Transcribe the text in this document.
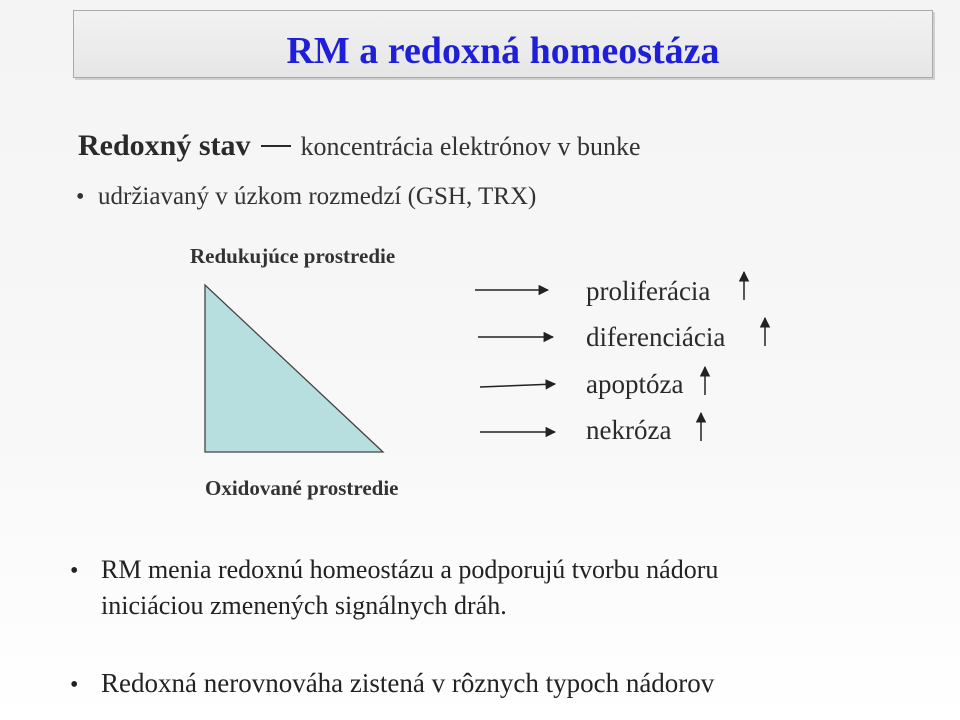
RM a redoxná homeostáza
Redoxný stav koncentrácia elektrónov v bunke
• udržiavaný v úzkom rozmedzí (GSH, TRX)
Redukujúce prostredie
Oxidované prostredie
proliferácia
diferenciácia
apoptóza
nekróza
• RM menia redoxnú homeostázu a podporujú tvorbu nádoru
iniciáciou zmenených signálnych dráh.
• Redoxná nerovnováha zistená v rôznych typoch nádorov
